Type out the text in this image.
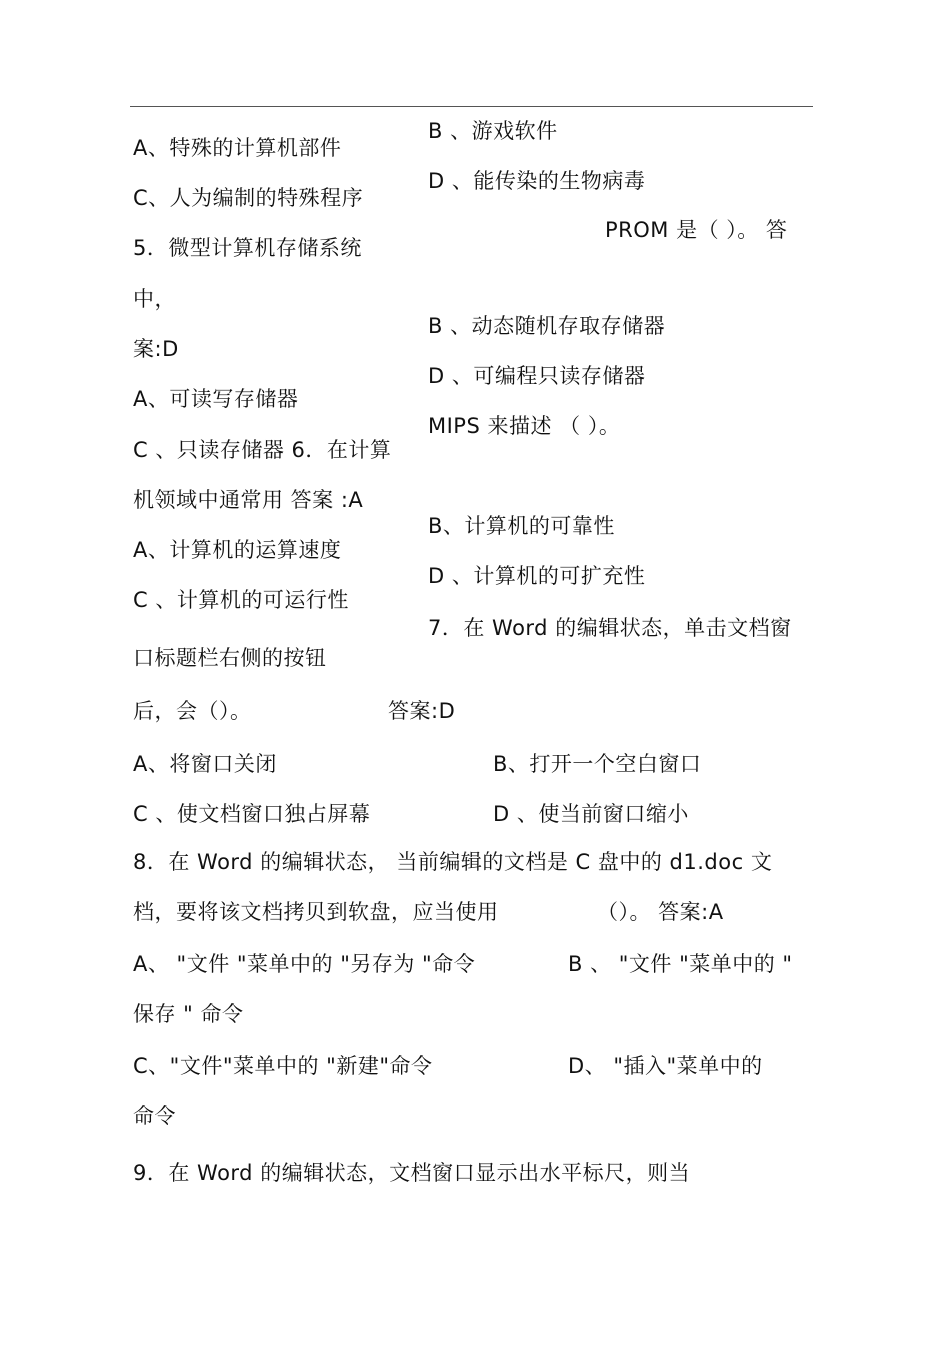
B 、游戏软件
A、特殊的计算机部件
D 、能传染的生物病毒
C、人为编制的特殊程序
PROM 是（ ）。 答
5．微型计算机存储系统
中，
B 、动态随机存取存储器
案:D
D 、可编程只读存储器
A、可读写存储器
MIPS 来描述 （ ）。
C 、只读存储器 6．在计算
机领域中通常用 答案 :A
B、计算机的可靠性
A、计算机的运算速度
D 、计算机的可扩充性
C 、计算机的可运行性
7．在 Word 的编辑状态，单击文档窗
口标题栏右侧的按钮
后，会（）。	答案:D
A、将窗口关闭	B、打开一个空白窗口
C 、使文档窗口独占屏幕	D 、使当前窗口缩小
8．在 Word 的编辑状态， 当前编辑的文档是 C 盘中的 d1.doc 文
档，要将该文档拷贝到软盘，应当使用	（）。 答案:A
A、 "文件 "菜单中的 "另存为 "命令	B 、 "文件 "菜单中的 "
保存 " 命令
C、"文件"菜单中的 "新建"命令	D、 "插入"菜单中的
命令
9．在 Word 的编辑状态，文档窗口显示出水平标尺，则当
